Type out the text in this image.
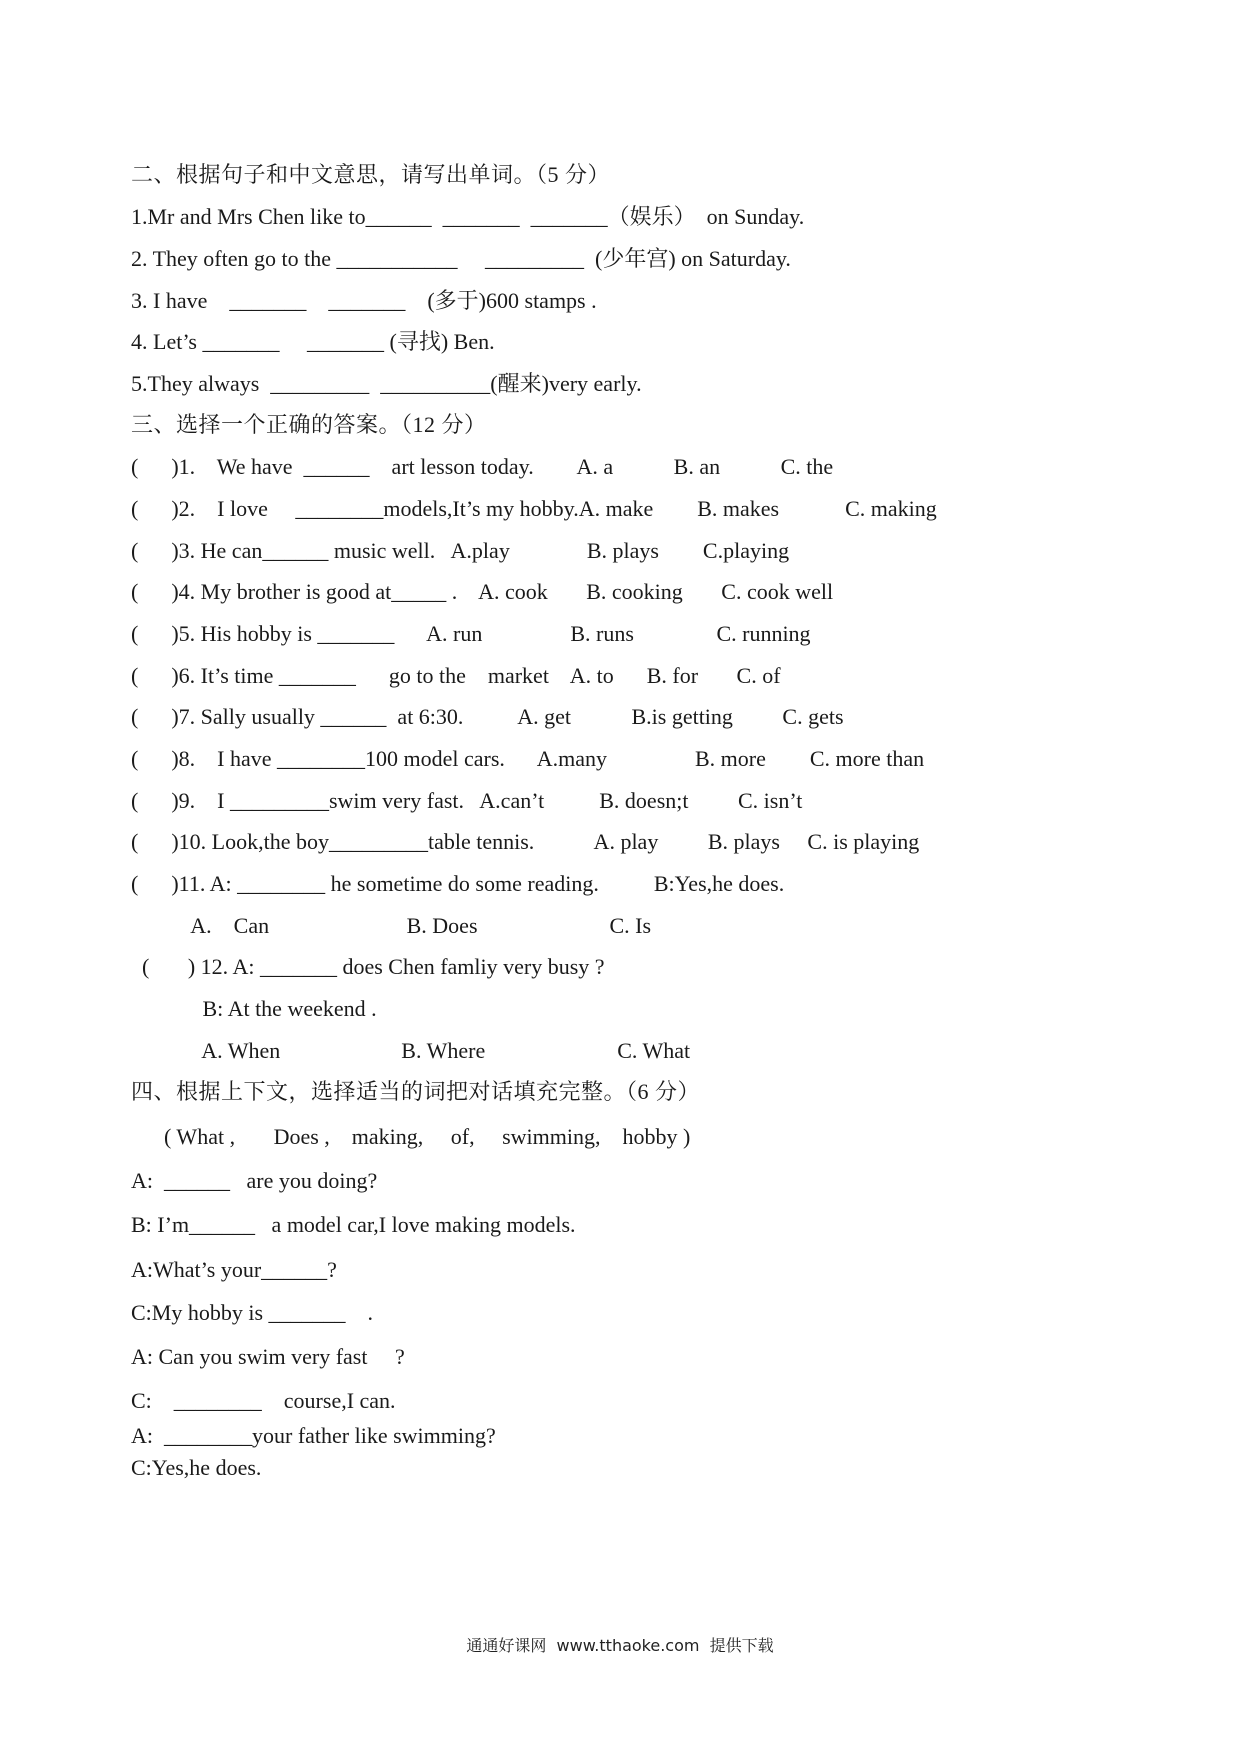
二、根据句子和中文意思，请写出单词。（5 分）
1.Mr and Mrs Chen like to______  _______  _______（娱乐）  on Sunday.
2. They often go to the ___________     _________  (少年宫) on Saturday.
3. I have    _______    _______    (多于)600 stamps .
4. Let’s _______     _______ (寻找) Ben.
5.They always  _________  __________(醒来)very early.
三、选择一个正确的答案。（12 分）
(      )1.    We have  ______    art lesson today.        A. a           B. an           C. the
(      )2.    I love     ________models,It’s my hobby.A. make        B. makes            C. making
(      )3. He can______ music well.   A.play              B. plays        C.playing
(      )4. My brother is good at_____ .    A. cook       B. cooking       C. cook well
(      )5. His hobby is _______      A. run                B. runs               C. running
(      )6. It’s time _______      go to the    market    A. to      B. for       C. of
(      )7. Sally usually ______  at 6:30.          A. get           B.is getting         C. gets
(      )8.    I have ________100 model cars.      A.many                B. more        C. more than
(      )9.    I _________swim very fast.   A.can’t          B. doesn;t         C. isn’t
(      )10. Look,the boy_________table tennis.           A. play         B. plays     C. is playing
(      )11. A: ________ he sometime do some reading.          B:Yes,he does.
A.    Can                         B. Does                        C. Is
(       ) 12. A: _______ does Chen famliy very busy ?
B: At the weekend .
A. When                      B. Where                        C. What
四、根据上下文，选择适当的词把对话填充完整。（6 分）
( What ,       Does ,    making,     of,     swimming,    hobby )
A:  ______   are you doing?
B: I’m______   a model car,I love making models.
A:What’s your______?
C:My hobby is _______    .
A: Can you swim very fast     ?
C:    ________    course,I can.
A:  ________your father like swimming?
C:Yes,he does.
通通好课网  www.tthaoke.com  提供下载
